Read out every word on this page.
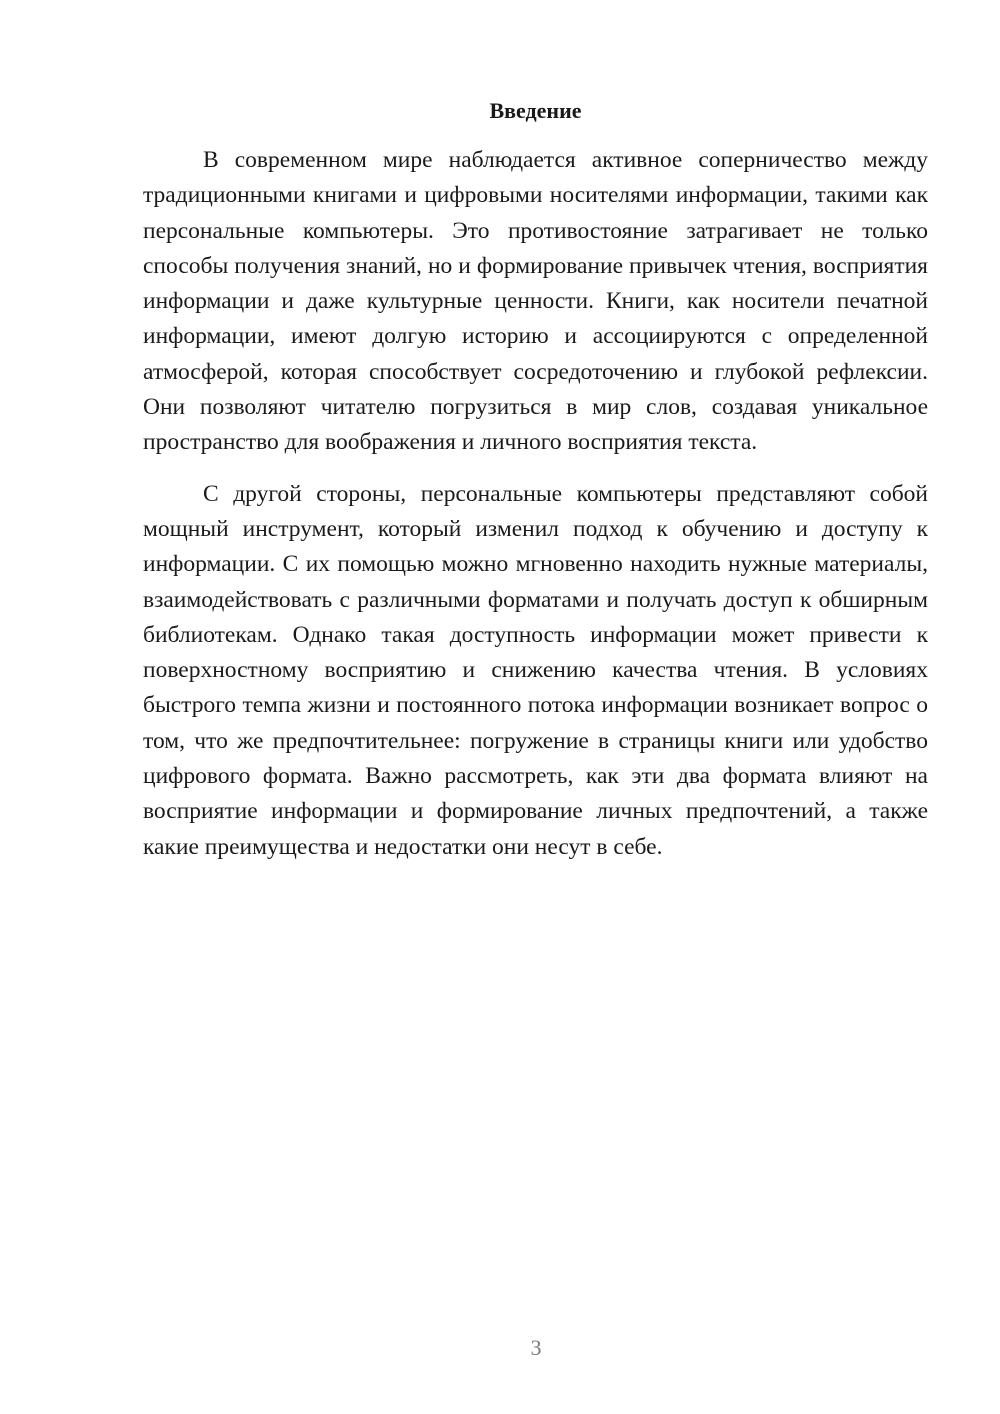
Введение

В современном мире наблюдается активное соперничество между традиционными книгами и цифровыми носителями информации, такими как персональные компьютеры. Это противостояние затрагивает не только способы получения знаний, но и формирование привычек чтения, восприятия информации и даже культурные ценности. Книги, как носители печатной информации, имеют долгую историю и ассоциируются с определенной атмосферой, которая способствует сосредоточению и глубокой рефлексии. Они позволяют читателю погрузиться в мир слов, создавая уникальное пространство для воображения и личного восприятия текста.

С другой стороны, персональные компьютеры представляют собой мощный инструмент, который изменил подход к обучению и доступу к информации. С их помощью можно мгновенно находить нужные материалы, взаимодействовать с различными форматами и получать доступ к обширным библиотекам. Однако такая доступность информации может привести к поверхностному восприятию и снижению качества чтения. В условиях быстрого темпа жизни и постоянного потока информации возникает вопрос о том, что же предпочтительнее: погружение в страницы книги или удобство цифрового формата. Важно рассмотреть, как эти два формата влияют на восприятие информации и формирование личных предпочтений, а также какие преимущества и недостатки они несут в себе.

3
